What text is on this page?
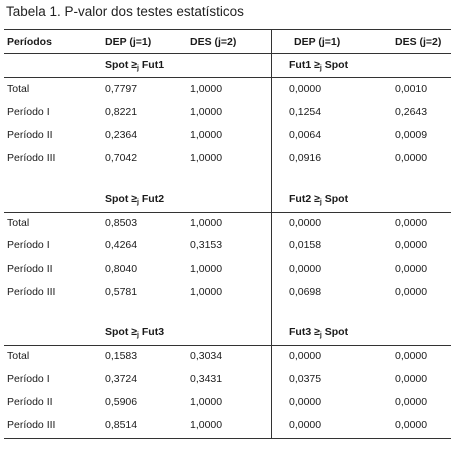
Tabela 1. P-valor dos testes estatísticos
Períodos	DEP (j=1)	DES (j=2)	DEP (j=1)	DES (j=2)
Spot $\ge_j$ Fut1	$Fut1 \ge_j$ Spot
Total	0,7797	1,0000	0,0000	0,0010
Período I	0,8221	1,0000	0,1254	0,2643
Período II	0,2364	1,0000	0,0064	0,0009
Período III	0,7042	1,0000	0,0916	0,0000
Spot $\ge_j$ Fut2	$Fut2 \ge_j$ Spot
Total	0,8503	1,0000	0,0000	0,0000
Período I	0,4264	0,3153	0,0158	0,0000
Período II	0,8040	1,0000	0,0000	0,0000
Período III	0,5781	1,0000	0,0698	0,0000
Spot $\ge_j$ Fut3	$Fut3 \ge_j$ Spot
Total	0,1583	0,3034	0,0000	0,0000
Período I	0,3724	0,3431	0,0375	0,0000
Período II	0,5906	1,0000	0,0000	0,0000
Período III	0,8514	1,0000	0,0000	0,0000
